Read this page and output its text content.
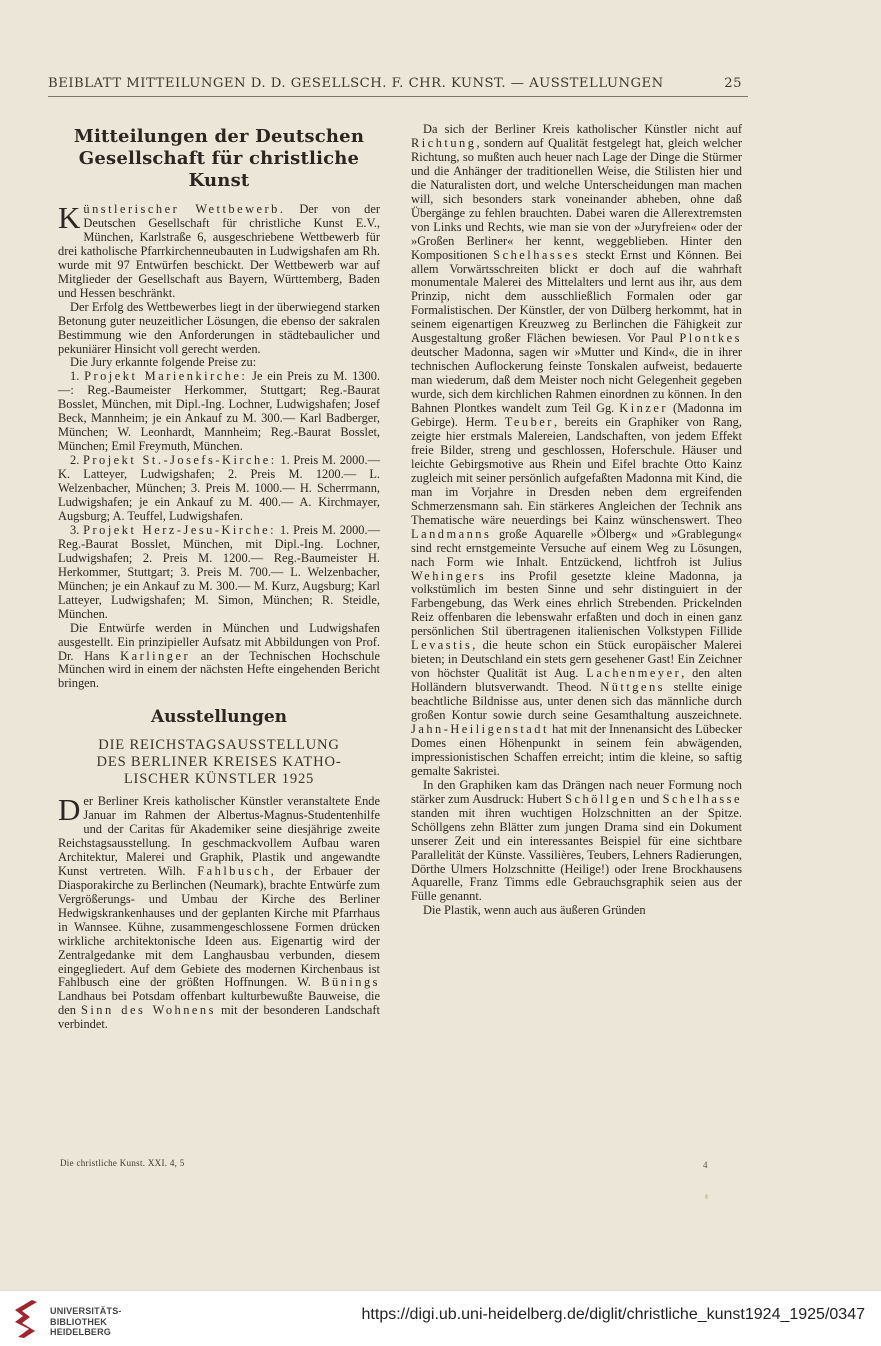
BEIBLATT MITTEILUNGEN D. D. GESELLSCH. F. CHR. KUNST. — AUSSTELLUNGEN	25
Mitteilungen der Deutschen
Gesellschaft für christliche Kunst

Künstlerischer Wettbewerb. Der von der Deutschen Gesellschaft für christliche Kunst E.V., München, Karlstraße 6, ausgeschriebene Wettbewerb für drei katholische Pfarrkirchenneubauten in Ludwigshafen am Rh. wurde mit 97 Entwürfen beschickt. Der Wettbewerb war auf Mitglieder der Gesellschaft aus Bayern, Württemberg, Baden und Hessen beschränkt.

Der Erfolg des Wettbewerbes liegt in der überwiegend starken Betonung guter neuzeitlicher Lösungen, die ebenso der sakralen Bestimmung wie den Anforderungen in städtebaulicher und pekuniärer Hinsicht voll gerecht werden.

Die Jury erkannte folgende Preise zu:

1. Projekt Marienkirche: Je ein Preis zu M. 1300.—: Reg.-Baumeister Herkommer, Stuttgart; Reg.-Baurat Bosslet, München, mit Dipl.-Ing. Lochner, Ludwigshafen; Josef Beck, Mannheim; je ein Ankauf zu M. 300.— Karl Badberger, München; W. Leonhardt, Mannheim; Reg.-Baurat Bosslet, München; Emil Freymuth, München.

2. Projekt St.-Josefs-Kirche: 1. Preis M. 2000.— K. Latteyer, Ludwigshafen; 2. Preis M. 1200.— L. Welzenbacher, München; 3. Preis M. 1000.— H. Scherrmann, Ludwigshafen; je ein Ankauf zu M. 400.— A. Kirchmayer, Augsburg; A. Teuffel, Ludwigshafen.

3. Projekt Herz-Jesu-Kirche: 1. Preis M. 2000.— Reg.-Baurat Bosslet, München, mit Dipl.-Ing. Lochner, Ludwigshafen; 2. Preis M. 1200.— Reg.-Baumeister H. Herkommer, Stuttgart; 3. Preis M. 700.— L. Welzenbacher, München; je ein Ankauf zu M. 300.— M. Kurz, Augsburg; Karl Latteyer, Ludwigshafen; M. Simon, München; R. Steidle, München.

Die Entwürfe werden in München und Ludwigshafen ausgestellt. Ein prinzipieller Aufsatz mit Abbildungen von Prof. Dr. Hans Karlinger an der Technischen Hochschule München wird in einem der nächsten Hefte eingehenden Bericht bringen.

Ausstellungen
DIE REICHSTAGSAUSSTELLUNG
DES BERLINER KREISES KATHO-
LISCHER KÜNSTLER 1925

Der Berliner Kreis katholischer Künstler veranstaltete Ende Januar im Rahmen der Albertus-Magnus-Studentenhilfe und der Caritas für Akademiker seine diesjährige zweite Reichstagsausstellung. In geschmackvollem Aufbau waren Architektur, Malerei und Graphik, Plastik und angewandte Kunst vertreten. Wilh. Fahlbusch, der Erbauer der Diasporakirche zu Berlinchen (Neumark), brachte Entwürfe zum Vergrößerungs- und Umbau der Kirche des Berliner Hedwigskrankenhauses und der geplanten Kirche mit Pfarrhaus in Wannsee. Kühne, zusammengeschlossene Formen drücken wirkliche architektonische Ideen aus. Eigenartig wird der Zentralgedanke mit dem Langhausbau verbunden, diesem eingegliedert. Auf dem Gebiete des modernen Kirchenbaus ist Fahlbusch eine der größten Hoffnungen. W. Bünings Landhaus bei Potsdam offenbart kulturbewußte Bauweise, die den Sinn des Wohnens mit der besonderen Landschaft verbindet.

Da sich der Berliner Kreis katholischer Künstler nicht auf Richtung, sondern auf Qualität festgelegt hat, gleich welcher Richtung, so mußten auch heuer nach Lage der Dinge die Stürmer und die Anhänger der traditionellen Weise, die Stilisten hier und die Naturalisten dort, und welche Unterscheidungen man machen will, sich besonders stark voneinander abheben, ohne daß Übergänge zu fehlen brauchten. Dabei waren die Allerextremsten von Links und Rechts, wie man sie von der »Juryfreien« oder der »Großen Berliner« her kennt, weggeblieben. Hinter den Kompositionen Schelhasses steckt Ernst und Können. Bei allem Vorwärtsschreiten blickt er doch auf die wahrhaft monumentale Malerei des Mittelalters und lernt aus ihr, aus dem Prinzip, nicht dem ausschließlich Formalen oder gar Formalistischen. Der Künstler, der von Dülberg herkommt, hat in seinem eigenartigen Kreuzweg zu Berlinchen die Fähigkeit zur Ausgestaltung großer Flächen bewiesen. Vor Paul Plontkes deutscher Madonna, sagen wir »Mutter und Kind«, die in ihrer technischen Auflockerung feinste Tonskalen aufweist, bedauerte man wiederum, daß dem Meister noch nicht Gelegenheit gegeben wurde, sich dem kirchlichen Rahmen einordnen zu können. In den Bahnen Plontkes wandelt zum Teil Gg. Kinzer (Madonna im Gebirge). Herm. Teuber, bereits ein Graphiker von Rang, zeigte hier erstmals Malereien, Landschaften, von jedem Effekt freie Bilder, streng und geschlossen, Hoferschule. Häuser und leichte Gebirgsmotive aus Rhein und Eifel brachte Otto Kainz zugleich mit seiner persönlich aufgefaßten Madonna mit Kind, die man im Vorjahre in Dresden neben dem ergreifenden Schmerzensmann sah. Ein stärkeres Angleichen der Technik ans Thematische wäre neuerdings bei Kainz wünschenswert. Theo Landmanns große Aquarelle »Ölberg« und »Grablegung« sind recht ernstgemeinte Versuche auf einem Weg zu Lösungen, nach Form wie Inhalt. Entzückend, lichtfroh ist Julius Wehingers ins Profil gesetzte kleine Madonna, ja volkstümlich im besten Sinne und sehr distinguiert in der Farbengebung, das Werk eines ehrlich Strebenden. Prickelnden Reiz offenbaren die lebenswahr erfaßten und doch in einen ganz persönlichen Stil übertragenen italienischen Volkstypen Fillide Levastis, die heute schon ein Stück europäischer Malerei bieten; in Deutschland ein stets gern gesehener Gast! Ein Zeichner von höchster Qualität ist Aug. Lachenmeyer, den alten Holländern blutsverwandt. Theod. Nüttgens stellte einige beachtliche Bildnisse aus, unter denen sich das männliche durch großen Kontur sowie durch seine Gesamthaltung auszeichnete. Jahn-Heiligenstadt hat mit der Innenansicht des Lübecker Domes einen Höhenpunkt in seinem fein abwägenden, impressionistischen Schaffen erreicht; intim die kleine, so saftig gemalte Sakristei.

In den Graphiken kam das Drängen nach neuer Formung noch stärker zum Ausdruck: Hubert Schöllgen und Schelhasse standen mit ihren wuchtigen Holzschnitten an der Spitze. Schöllgens zehn Blätter zum jungen Drama sind ein Dokument unserer Zeit und ein interessantes Beispiel für eine sichtbare Parallelität der Künste. Vassilières, Teubers, Lehners Radierungen, Dörthe Ulmers Holzschnitte (Heilige!) oder Irene Brockhausens Aquarelle, Franz Timms edle Gebrauchsgraphik seien aus der Fülle genannt.

Die Plastik, wenn auch aus äußeren Gründen

Die christliche Kunst. XXI. 4, 5	4
UNIVERSITÄTS-
BIBLIOTHEK
HEIDELBERG
https://digi.ub.uni-heidelberg.de/diglit/christliche_kunst1924_1925/0347
